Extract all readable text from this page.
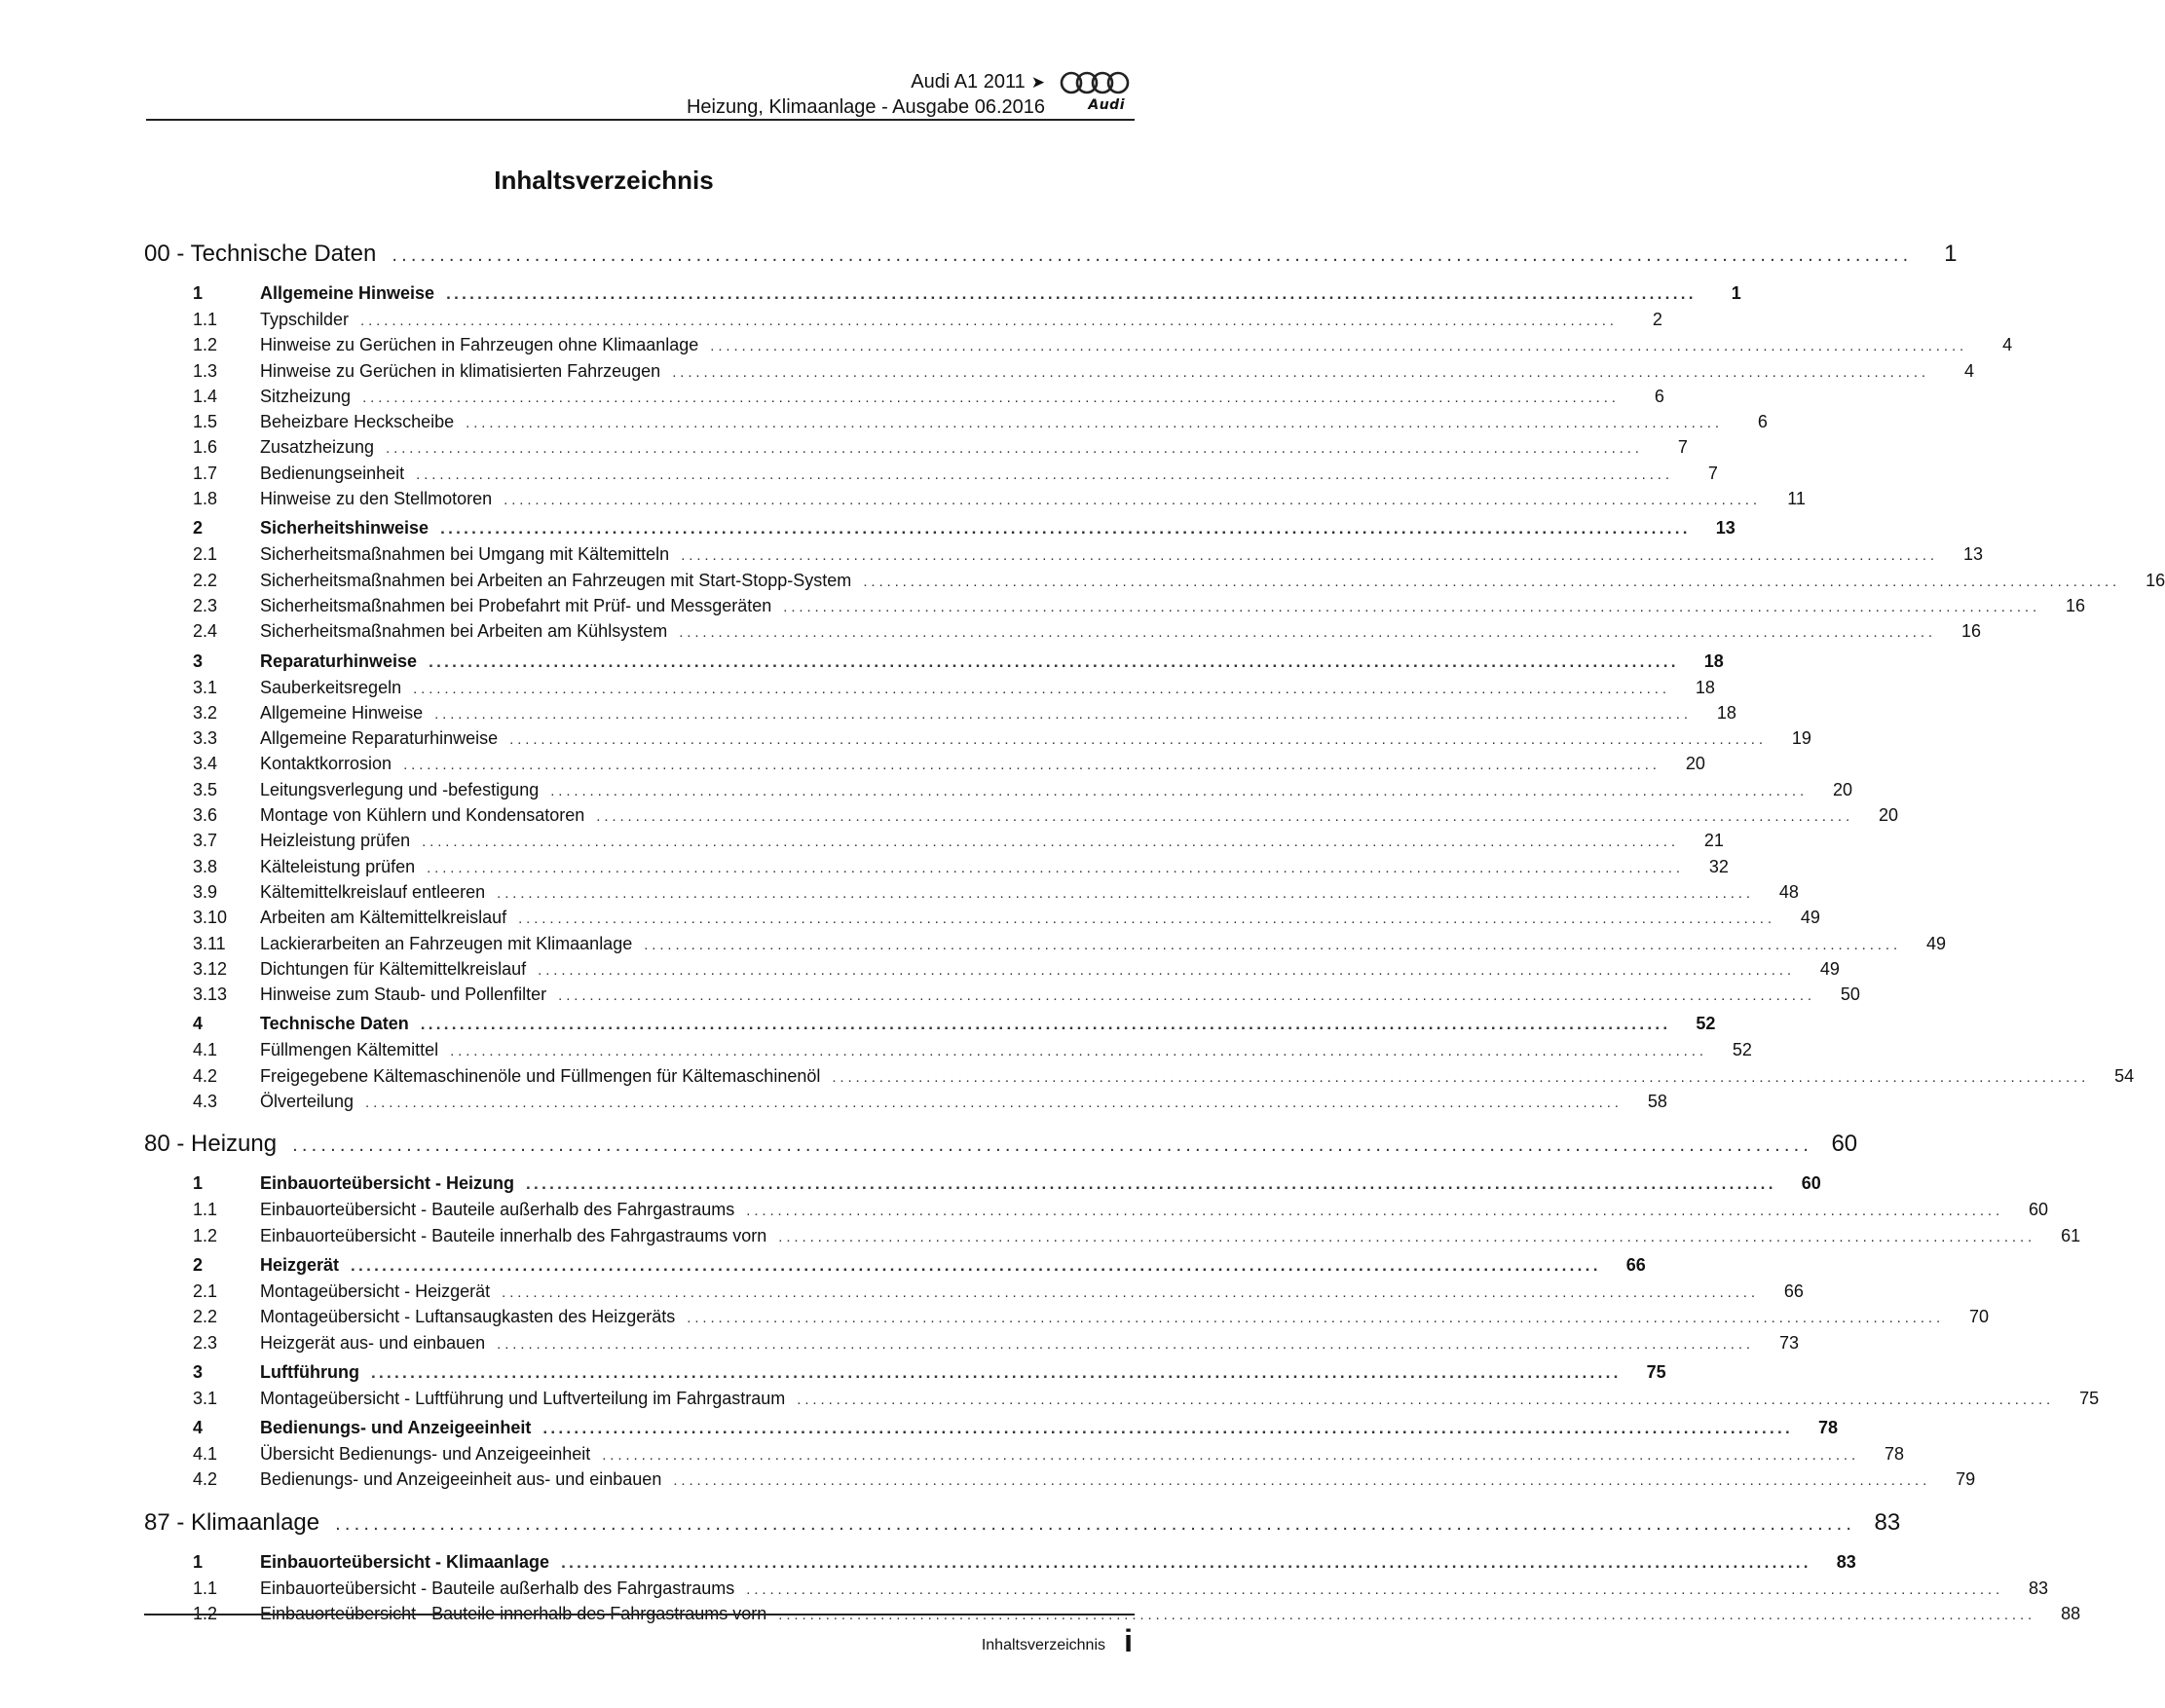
Audi A1 2011 ➤
Heizung, Klimaanlage - Ausgabe 06.2016	Audi
Inhaltsverzeichnis
00 - Technische Daten ................................................................................................................................................................	1
1	Allgemeine Hinweise ................................................................................................................................................................	1
1.1	Typschilder ................................................................................................................................................................	2
1.2	Hinweise zu Gerüchen in Fahrzeugen ohne Klimaanlage ................................................................................................................................................................	4
1.3	Hinweise zu Gerüchen in klimatisierten Fahrzeugen ................................................................................................................................................................	4
1.4	Sitzheizung ................................................................................................................................................................	6
1.5	Beheizbare Heckscheibe ................................................................................................................................................................	6
1.6	Zusatzheizung ................................................................................................................................................................	7
1.7	Bedienungseinheit ................................................................................................................................................................	7
1.8	Hinweise zu den Stellmotoren ................................................................................................................................................................	11
2	Sicherheitshinweise ................................................................................................................................................................	13
2.1	Sicherheitsmaßnahmen bei Umgang mit Kältemitteln ................................................................................................................................................................	13
2.2	Sicherheitsmaßnahmen bei Arbeiten an Fahrzeugen mit Start-Stopp-System ................................................................................................................................................................	16
2.3	Sicherheitsmaßnahmen bei Probefahrt mit Prüf- und Messgeräten ................................................................................................................................................................	16
2.4	Sicherheitsmaßnahmen bei Arbeiten am Kühlsystem ................................................................................................................................................................	16
3	Reparaturhinweise ................................................................................................................................................................	18
3.1	Sauberkeitsregeln ................................................................................................................................................................	18
3.2	Allgemeine Hinweise ................................................................................................................................................................	18
3.3	Allgemeine Reparaturhinweise ................................................................................................................................................................	19
3.4	Kontaktkorrosion ................................................................................................................................................................	20
3.5	Leitungsverlegung und -befestigung ................................................................................................................................................................	20
3.6	Montage von Kühlern und Kondensatoren ................................................................................................................................................................	20
3.7	Heizleistung prüfen ................................................................................................................................................................	21
3.8	Kälteleistung prüfen ................................................................................................................................................................	32
3.9	Kältemittelkreislauf entleeren ................................................................................................................................................................	48
3.10	Arbeiten am Kältemittelkreislauf ................................................................................................................................................................	49
3.11	Lackierarbeiten an Fahrzeugen mit Klimaanlage ................................................................................................................................................................	49
3.12	Dichtungen für Kältemittelkreislauf ................................................................................................................................................................	49
3.13	Hinweise zum Staub- und Pollenfilter ................................................................................................................................................................	50
4	Technische Daten ................................................................................................................................................................	52
4.1	Füllmengen Kältemittel ................................................................................................................................................................	52
4.2	Freigegebene Kältemaschinenöle und Füllmengen für Kältemaschinenöl ................................................................................................................................................................	54
4.3	Ölverteilung ................................................................................................................................................................	58
80 - Heizung ................................................................................................................................................................ 60
1	Einbauorteübersicht - Heizung ................................................................................................................................................................	60
1.1	Einbauorteübersicht - Bauteile außerhalb des Fahrgastraums ................................................................................................................................................................	60
1.2	Einbauorteübersicht - Bauteile innerhalb des Fahrgastraums vorn ................................................................................................................................................................	61
2	Heizgerät ................................................................................................................................................................	66
2.1	Montageübersicht - Heizgerät ................................................................................................................................................................	66
2.2	Montageübersicht - Luftansaugkasten des Heizgeräts ................................................................................................................................................................	70
2.3	Heizgerät aus- und einbauen ................................................................................................................................................................	73
3	Luftführung ................................................................................................................................................................	75
3.1	Montageübersicht - Luftführung und Luftverteilung im Fahrgastraum ................................................................................................................................................................	75
4	Bedienungs- und Anzeigeeinheit ................................................................................................................................................................	78
4.1	Übersicht Bedienungs- und Anzeigeeinheit ................................................................................................................................................................	78
4.2	Bedienungs- und Anzeigeeinheit aus- und einbauen ................................................................................................................................................................	79
87 - Klimaanlage ................................................................................................................................................................ 83
1	Einbauorteübersicht - Klimaanlage ................................................................................................................................................................	83
1.1	Einbauorteübersicht - Bauteile außerhalb des Fahrgastraums ................................................................................................................................................................	83
1.2	Einbauorteübersicht - Bauteile innerhalb des Fahrgastraums vorn ................................................................................................................................................................	88
Inhaltsverzeichnis i
